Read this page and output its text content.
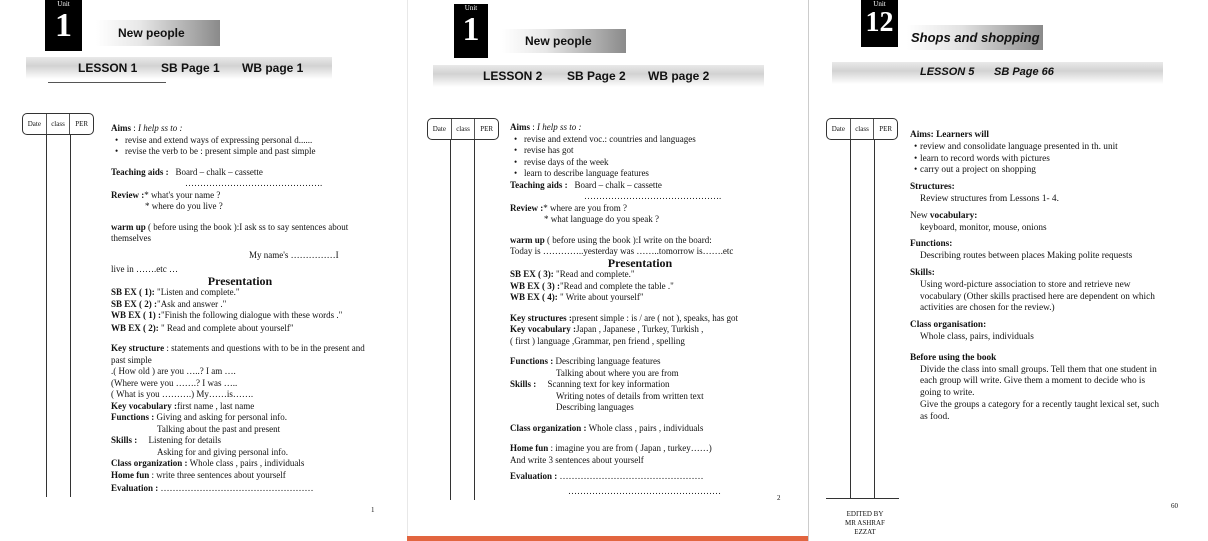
Unit
1	New people
LESSON 1 SB Page 1 WB page 1
Date	class	PER	Aims : I help ss to :

• revise and extend ways of expressing personal d......
• revise the verb to be : present simple and past simple

Teaching aids : Board – chalk – cassette

……………………………………….

Review :* what's your name ?

* where do you live ?

warm up ( before using the book ):I ask ss to say sentences about themselves

My name's ……………I

live in …….etc …

Presentation

SB EX ( 1): "Listen and complete."

SB EX ( 2) :"Ask and answer ."

WB EX ( 1) :"Finish the following dialogue with these words ."

WB EX ( 2): " Read and complete about yourself"

Key structure : statements and questions with to be in the present and past simple

.( How old ) are you …..? I am ….

(Where were you …….? I was …..

( What is you ……….) My……is…….

Key vocabulary :first name , last name

Functions : Giving and asking for personal info.

Talking about the past and present

Skills : Listening for details

Asking for and giving personal info.

Class organization : Whole class , pairs , individuals

Home fun : write three sentences about yourself

Evaluation : ……………………………………………

1
Unit
1	New people
LESSON 2 SB Page 2 WB page 2
Date	class	PER	Aims : I help ss to :

• revise and extend voc.: countries and languages
• revise has got
• revise days of the week
• learn to describe language features

Teaching aids : Board – chalk – cassette

……………………………………….

Review :* where are you from ?

* what language do you speak ?

warm up ( before using the book ):I write on the board:

Today is …………..yesterday was ……..tomorrow is…….etc

Presentation

SB EX ( 3): "Read and complete."

WB EX ( 3) :"Read and complete the table ."

WB EX ( 4): " Write about yourself"

Key structures :present simple : is / are ( not ), speaks, has got

Key vocabulary :Japan , Japanese , Turkey, Turkish ,

( first ) language ,Grammar, pen friend , spelling

Functions : Describing language features

Talking about where you are from

Skills : Scanning text for key information

Writing notes of details from written text

Describing languages

Class organization : Whole class , pairs , individuals

Home fun : imagine you are from ( Japan , turkey……)

And write 3 sentences about yourself

Evaluation : …………………………………………

……………………………………………

2
Unit
12	Shops and shopping
LESSON 5 SB Page 66
Date	class	PER

Aims: Learners will

• review and consolidate language presented in th. unit
• learn to record words with pictures
• carry out a project on shopping

Structures:

Review structures from Lessons 1- 4.

New vocabulary:

keyboard, monitor, mouse, onions

Functions:

Describing routes between places Making polite requests

Skills:

Using word-picture association to store and retrieve new vocabulary (Other skills practised here are dependent on which activities are chosen for the review.)

Class organisation:

Whole class, pairs, individuals

Before using the book

Divide the class into small groups. Tell them that one student in each group will write. Give them a moment to decide who is going to write.

Give the groups a category for a recently taught lexical set, such as food.

EDITED BY
MR ASHRAF
EZZAT
60
